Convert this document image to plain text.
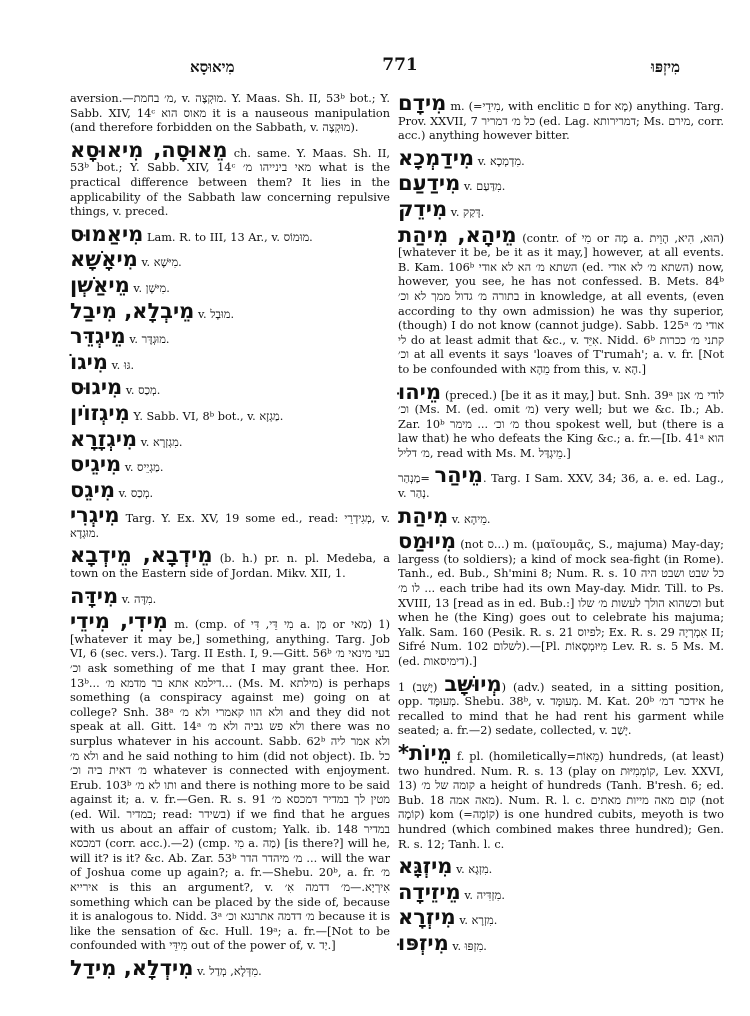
מִיאוּסָא	771	מִיזְפּוּ

aversion.—מ׳ בחמת, v. מוּקְצֶה. Y. Maas. Sh. II, 53ᵇ bot.; Y. Sabb. XIV, 14ᶜ מאוס הוא it is a nauseous manipulation (and therefore forbidden on the Sabbath, v. מוּקְצֶה).

מֵאוּסָה, מִיאוּסָא ch. same. Y. Maas. Sh. II, 53ᵇ bot.; Y. Sabb. XIV, 14ᶜ מאי בינייהו מ׳ what is the practical difference between them? It lies in the applicability of the Sabbath law concerning repulsive things, v. preced.

מִיאַמוּס Lam. R. to III, 13 Ar., v. מוּמוֹס.

מִיאָשָׁא v. מִיּשָׁא.

מֵיאַשְׁן v. מִיּשָׁן.

מֵיבְלָא, מִיבַל v. מוּבָל.

מֵיגְדֵּר v. מוּגְדֶּר.

מִיגוֹ v. גּוּ.

מִיגוּס v. מְכַס.

מִיגְזוֹין Y. Sabb. VI, 8ᵇ bot., v. מַגְזָא.

מִיגְזָרָא v. מִגְזְרָא.

מִיגֵיס v. מַגְיֵיס.

מִיגֵס v. מְכַס.

מִיגְרִי Targ. Y. Ex. XV, 19 some ed., read: מְגִידְרֵי, v. מוּגְדָא.

מֵידְבָא, מֵידְבָא (b. h.) pr. n. pl. Medeba, a town on the Eastern side of Jordan. Mikv. XII, 1.

מִידָּה v. מִדָּה.

מִידִי, מִידֵי m. (cmp. of מִי דֵּי, דִּי a. מַן or מַאי) 1) [whatever it may be,] something, anything. Targ. Job VI, 6 (sec. vers.). Targ. II Esth. I, 9.—Gitt. 56ᵇ בעי מינאי מ׳ וכ׳ ask something of me that I may grant thee. Hor. 13ᵇ... דילמא אתא בר מדמא מ׳... (Ms. M. מילתא) is perhaps something (a conspiracy against me) going on at college? Snh. 38ᵃ ולא הוו קאמרי ולא מ׳ and they did not speak at all. Gitt. 14ᵃ ולא פש גביה ולא מ׳ there was no surplus whatever in his account. Sabb. 62ᵇ ולא אמר ליה ולא מ׳ and he said nothing to him (did not object). Ib. כל מ׳ דאית ביה וכ׳ whatever is connected with enjoyment. Erub. 103ᵇ ותו לא מ׳ and there is nothing more to be said against it; a. v. fr.—Gen. R. s. 91 מטין לך במדיר דמכסא מ׳ (ed. Wil. במדיר; read: בשידר) if we find that he argues with us about an affair of custom; Yalk. ib. 148 במדיר דמכסא (corr. acc.).—2) (cmp. מִי a. מַה) [is there?] will he, will it? is it? &c. Ab. Zar. 53ᵇ מ׳ מיהדר הדר ... will the war of Joshua come up again?; a. fr.—Shebu. 20ᵇ, a. fr. מ׳ אירייא is this an argument?, v. אִירְיָא.—מ׳ דדמה אִ׳ something which can be placed by the side of, because it is analogous to. Nidd. 3ᵃ מ׳ דדמה אתרנגא וכ׳ because it is like the sensation of &c. Hull. 19ᵃ; a. fr.—[Not to be confounded with מִידֵּי out of the power of, v. יַד.]

מִידְלָא, מִידַל v. מִדְּלָא, מְדַל.

מִידָם m. (=מִידֵי, with enclitic ם for מָא) anything. Targ. Prov. XXVII, 7 כל מ׳ דמריר (ed. Lag. דמרירותא; Ms. מירם, corr. acc.) anything however bitter.

מִידַמְכָא v. מִדְמְכָא.

מִידַעַם v. מִדַּעַם.

מִידֵק v. דָּקַק.

מֵיהָא, מִיהַת (contr. of מִי or מָה a. הוּא, הִיא, הָוֵית) [whatever it be, be it as it may,] however, at all events. B. Kam. 106ᵇ השתא מ׳ הא לא אודי (ed. השתא מ׳ לא אודי) now, however, you see, he has not confessed. B. Mets. 84ᵇ בתורה מ׳ גדול ממך לא וכ׳ in knowledge, at all events, (even according to thy own admission) he was thy superior, (though) I do not know (cannot judge). Sabb. 125ᵃ אודי מ׳ לי do at least admit that &c., v. אִיֵּד. Nidd. 6ᵇ קתני מ׳ ככרות וכ׳ at all events it says 'loaves of T'rumah'; a. v. fr. [Not to be confounded with מֵהָא from this, v. הָא.]

מֵיהוּ (preced.) [be it as it may,] but. Snh. 39ᵃ לודי מ׳ אנן וכ׳ (Ms. M. (ed. omit מ׳) very well; but we &c. Ib.; Ab. Zar. 10ᵇ מ׳ וכ׳ ... מימר thou spokest well, but (there is a law that) he who defeats the King &c.; a. fr.—[Ib. 41ᵃ הוא מ׳ דליל, read with Ms. M. מֵיגְדַּל.]

מֵיהַר =מַנְהַר. Targ. I Sam. XXV, 34; 36, a. e. ed. Lag., v. נְהַר.

מִיהַת v. מֵיהָא.

מִיוּמַס (not ס...) m. (μαϊουμᾶς, S., majuma) May-day; largess (to soldiers); a kind of mock sea-fight (in Rome). Tanh., ed. Bub., Sh'mini 8; Num. R. s. 10 כל שבט ושבט היה לו מ׳ ... each tribe had its own May-day. Midr. Till. to Ps. XVIII, 13 [read as in ed. Bub.:] וכשהוא הולך לעשות מ׳ שלו but when he (the King) goes out to celebrate his majuma; Yalk. Sam. 160 (Pesik. R. s. 21 לפיוס; Ex. R. s. 29 אִמְרְיָה II; Sifré Num. 102 לשלום).—[Pl. מִיּוּמְסָאוֹת Lev. R. s. 5 Ms. M. (ed. דימיסאות).]

מְיוּשָּׁב (יָשַׁב) 1) (adv.) seated, in a sitting position, opp. מְעוּמָּד. Shebu. 38ᵇ, v. מְעוּמָּד. M. Kat. 20ᵇ אידכר דמ׳ he recalled to mind that he had rent his garment while seated; a. fr.—2) sedate, collected, v. יָשַׁב.

*מֵיוֹת f. pl. (homiletically=מֵאוֹת) hundreds, (at least) two hundred. Num. R. s. 13 (play on קוֹמְמִיּוּת, Lev. XXVI, 13) קומה של מ׳ a height of hundreds (Tanh. B'resh. 6; ed. Bub. 18 מאה אמה). Num. R. l. c. קום מאה מייות מאתים (not קוֹמָה) kom (=קוֹמָה) is one hundred cubits, meyoth is two hundred (which combined makes three hundred); Gen. R. s. 12; Tanh. l. c.

מִיזְגָּא v. מִזְגָא.

מֵיזֵידָה v. מִזְדִּיה.

מִיזְרָא v. מִזְרָא.

מִיזְפּוּ v. מִזְפּוּ.
